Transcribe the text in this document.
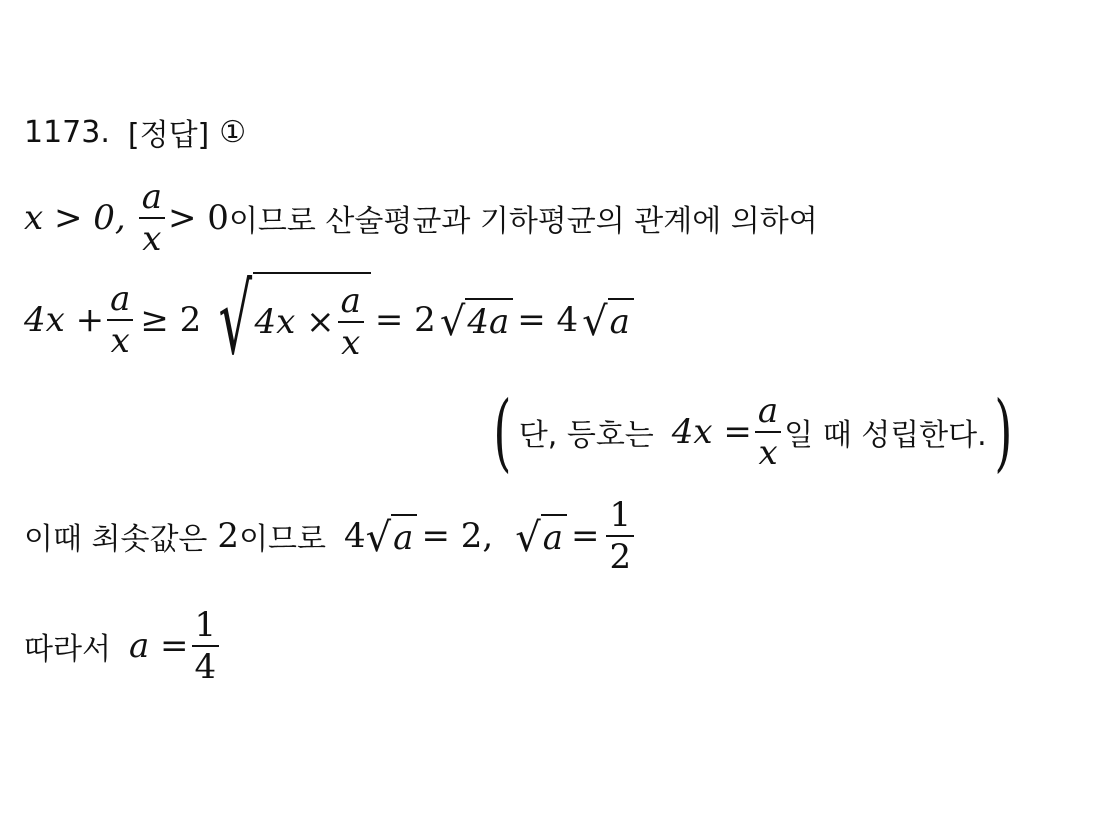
1173. [정답] ①
x > 0, $\frac{a}{x} > 0$ 이므로 산술평균과 기하평균의 관계에 의하여
$4x + \frac{a}{x} \ge 2$ √ $4x \times \frac{a}{x} = 2$ √ 4a = 4 √ a
( 단, 등호는 $4x = \frac{a}{x}$ 일 때 성립한다. )
이때 최솟값은 2 이므로 4 √ a = 2, √ $a = \frac{1}{2}$
따라서 $a = \frac{1}{4}$
